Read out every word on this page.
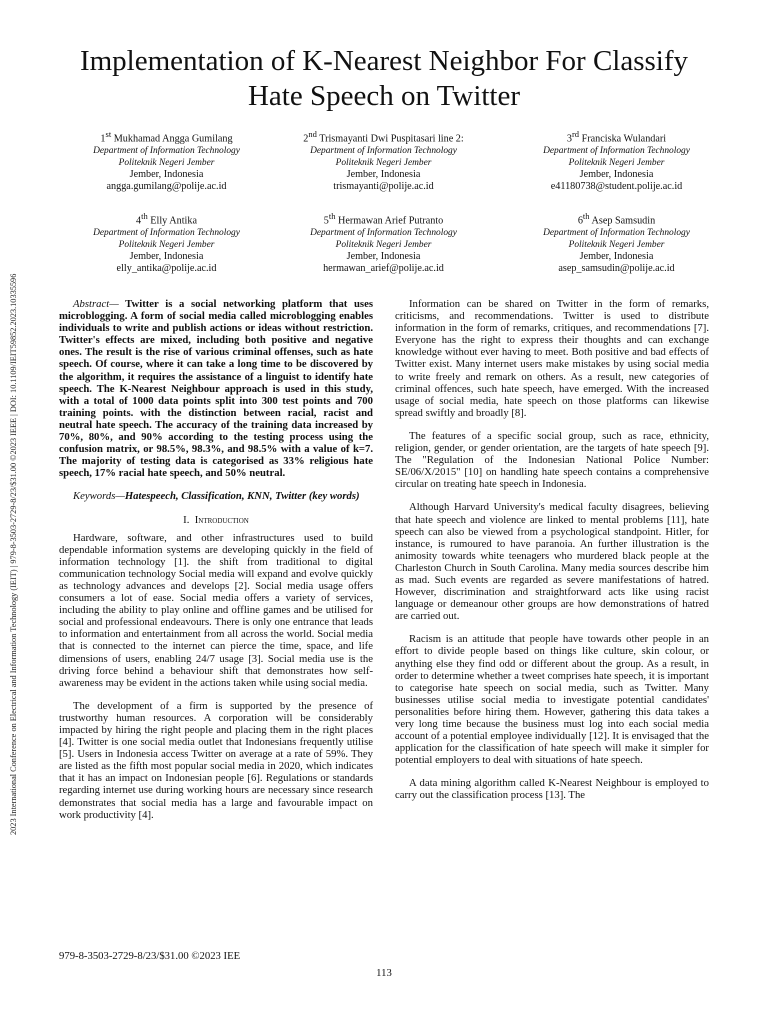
2023 International Conference on Electrical and Information Technology (IEIT) | 979-8-3503-2729-8/23/$31.00 ©2023 IEEE | DOI: 10.1109/IEIT59852.2023.10335596
Implementation of K-Nearest Neighbor For Classify
Hate Speech on Twitter
1st Mukhamad Angga Gumilang
Department of Information Technology
Politeknik Negeri Jember
Jember, Indonesia
angga.gumilang@polije.ac.id
2nd Trismayanti Dwi Puspitasari line 2:
Department of Information Technology
Politeknik Negeri Jember
Jember, Indonesia
trismayanti@polije.ac.id
3rd Franciska Wulandari
Department of Information Technology
Politeknik Negeri Jember
Jember, Indonesia
e41180738@student.polije.ac.id
4th Elly Antika
Department of Information Technology
Politeknik Negeri Jember
Jember, Indonesia
elly_antika@polije.ac.id
5th Hermawan Arief Putranto
Department of Information Technology
Politeknik Negeri Jember
Jember, Indonesia
hermawan_arief@polije.ac.id
6th Asep Samsudin
Department of Information Technology
Politeknik Negeri Jember
Jember, Indonesia
asep_samsudin@polije.ac.id

Abstract— Twitter is a social networking platform that uses microblogging. A form of social media called microblogging enables individuals to write and publish actions or ideas without restriction. Twitter's effects are mixed, including both positive and negative ones. The result is the rise of various criminal offenses, such as hate speech. Of course, where it can take a long time to be discovered by the algorithm, it requires the assistance of a linguist to identify hate speech. The K-Nearest Neighbour approach is used in this study, with a total of 1000 data points split into 300 test points and 700 training points. with the distinction between racial, racist and neutral hate speech. The accuracy of the training data increased by 70%, 80%, and 90% according to the testing process using the confusion matrix, or 98.5%, 98.3%, and 98.5% with a value of k=7. The majority of testing data is categorised as 33% religious hate speech, 17% racial hate speech, and 50% neutral.

Keywords—Hatespeech, Classification, KNN, Twitter (key words)

I. Introduction

Hardware, software, and other infrastructures used to build dependable information systems are developing quickly in the field of information technology [1]. the shift from traditional to digital communication technology Social media will expand and evolve quickly as technology advances and develops [2]. Social media usage offers consumers a lot of ease. Social media offers a variety of services, including the ability to play online and offline games and be utilised for social and professional endeavours. There is only one entrance that leads to information and entertainment from all across the world. Social media that is connected to the internet can pierce the time, space, and life dimensions of users, enabling 24/7 usage [3]. Social media use is the driving force behind a behaviour shift that demonstrates how self-awareness may be evident in the actions taken while using social media.

The development of a firm is supported by the presence of trustworthy human resources. A corporation will be considerably impacted by hiring the right people and placing them in the right places [4]. Twitter is one social media outlet that Indonesians frequently utilise [5]. Users in Indonesia access Twitter on average at a rate of 59%. They are listed as the fifth most popular social media in 2020, which indicates that it has an impact on Indonesian people [6]. Regulations or standards regarding internet use during working hours are necessary since research demonstrates that social media has a large and favourable impact on work productivity [4].

Information can be shared on Twitter in the form of remarks, criticisms, and recommendations. Twitter is used to distribute information in the form of remarks, critiques, and recommendations [7]. Everyone has the right to express their thoughts and can exchange knowledge without ever having to meet. Both positive and bad effects of Twitter exist. Many internet users make mistakes by using social media to write freely and remark on others. As a result, new categories of criminal offences, such hate speech, have emerged. With the increased usage of social media, hate speech on those platforms can likewise spread swiftly and broadly [8].

The features of a specific social group, such as race, ethnicity, religion, gender, or gender orientation, are the targets of hate speech [9]. The "Regulation of the Indonesian National Police Number: SE/06/X/2015" [10] on handling hate speech contains a comprehensive circular on treating hate speech in Indonesia.

Although Harvard University's medical faculty disagrees, believing that hate speech and violence are linked to mental problems [11], hate speech can also be viewed from a psychological standpoint. Hitler, for instance, is rumoured to have paranoia. An further illustration is the animosity towards white teenagers who murdered black people at the Charleston Church in South Carolina. Many media sources describe him as mad. Such events are regarded as severe manifestations of hatred. However, discrimination and straightforward acts like using racist language or demeanour other groups are how demonstrations of hatred are carried out.

Racism is an attitude that people have towards other people in an effort to divide people based on things like culture, skin colour, or anything else they find odd or different about the group. As a result, in order to determine whether a tweet comprises hate speech, it is important to categorise hate speech on social media, such as Twitter. Many businesses utilise social media to investigate potential candidates' personalities before hiring them. However, gathering this data takes a very long time because the business must log into each social media account of a potential employee individually [12]. It is envisaged that the application for the classification of hate speech will make it simpler for potential employers to deal with situations of hate speech.

A data mining algorithm called K-Nearest Neighbour is employed to carry out the classification process [13]. The

979-8-3503-2729-8/23/$31.00 ©2023 IEE
113
